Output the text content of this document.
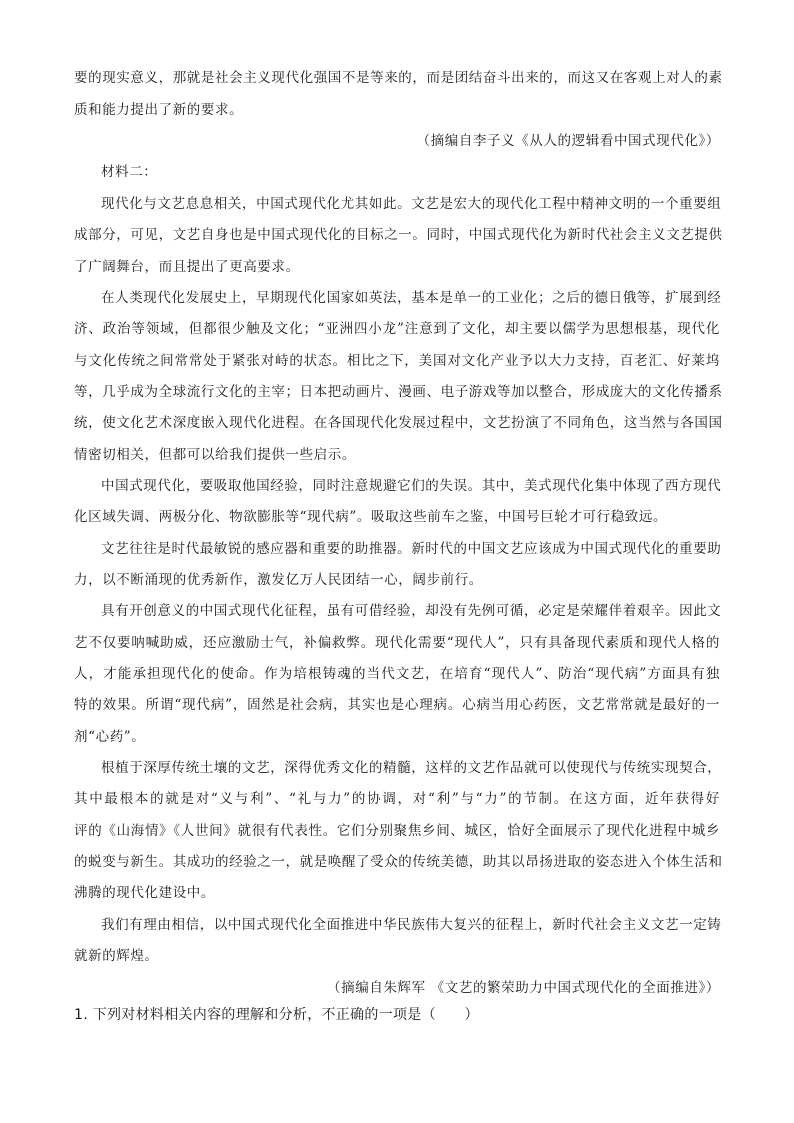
要的现实意义，那就是社会主义现代化强国不是等来的，而是团结奋斗出来的，而这又在客观上对人的素
质和能力提出了新的要求。
（摘编自李子义《从人的逻辑看中国式现代化》）
材料二：
现代化与文艺息息相关，中国式现代化尤其如此。文艺是宏大的现代化工程中精神文明的一个重要组
成部分，可见，文艺自身也是中国式现代化的目标之一。同时，中国式现代化为新时代社会主义文艺提供
了广阔舞台，而且提出了更高要求。
在人类现代化发展史上，早期现代化国家如英法，基本是单一的工业化；之后的德日俄等，扩展到经
济、政治等领域，但都很少触及文化；“亚洲四小龙”注意到了文化，却主要以儒学为思想根基，现代化
与文化传统之间常常处于紧张对峙的状态。相比之下，美国对文化产业予以大力支持，百老汇、好莱坞
等，几乎成为全球流行文化的主宰；日本把动画片、漫画、电子游戏等加以整合，形成庞大的文化传播系
统，使文化艺术深度嵌入现代化进程。在各国现代化发展过程中，文艺扮演了不同角色，这当然与各国国
情密切相关，但都可以给我们提供一些启示。
中国式现代化，要吸取他国经验，同时注意规避它们的失误。其中，美式现代化集中体现了西方现代
化区域失调、两极分化、物欲膨胀等“现代病”。吸取这些前车之鉴，中国号巨轮才可行稳致远。
文艺往往是时代最敏锐的感应器和重要的助推器。新时代的中国文艺应该成为中国式现代化的重要助
力，以不断涌现的优秀新作，激发亿万人民团结一心，阔步前行。
具有开创意义的中国式现代化征程，虽有可借经验，却没有先例可循，必定是荣耀伴着艰辛。因此文
艺不仅要呐喊助威，还应激励士气，补偏救弊。现代化需要“现代人”，只有具备现代素质和现代人格的
人，才能承担现代化的使命。作为培根铸魂的当代文艺，在培育“现代人”、防治“现代病”方面具有独
特的效果。所谓“现代病”，固然是社会病，其实也是心理病。心病当用心药医，文艺常常就是最好的一
剂“心药”。
根植于深厚传统土壤的文艺，深得优秀文化的精髓，这样的文艺作品就可以使现代与传统实现契合，
其中最根本的就是对“义与利”、“礼与力”的协调，对“利”与“力”的节制。在这方面，近年获得好
评的《山海情》《人世间》就很有代表性。它们分别聚焦乡间、城区，恰好全面展示了现代化进程中城乡
的蜕变与新生。其成功的经验之一，就是唤醒了受众的传统美德，助其以昂扬进取的姿态进入个体生活和
沸腾的现代化建设中。
我们有理由相信，以中国式现代化全面推进中华民族伟大复兴的征程上，新时代社会主义文艺一定铸
就新的辉煌。
（摘编自朱辉军 《文艺的繁荣助力中国式现代化的全面推进》）
1. 下列对材料相关内容的理解和分析，不正确的一项是（　　）
